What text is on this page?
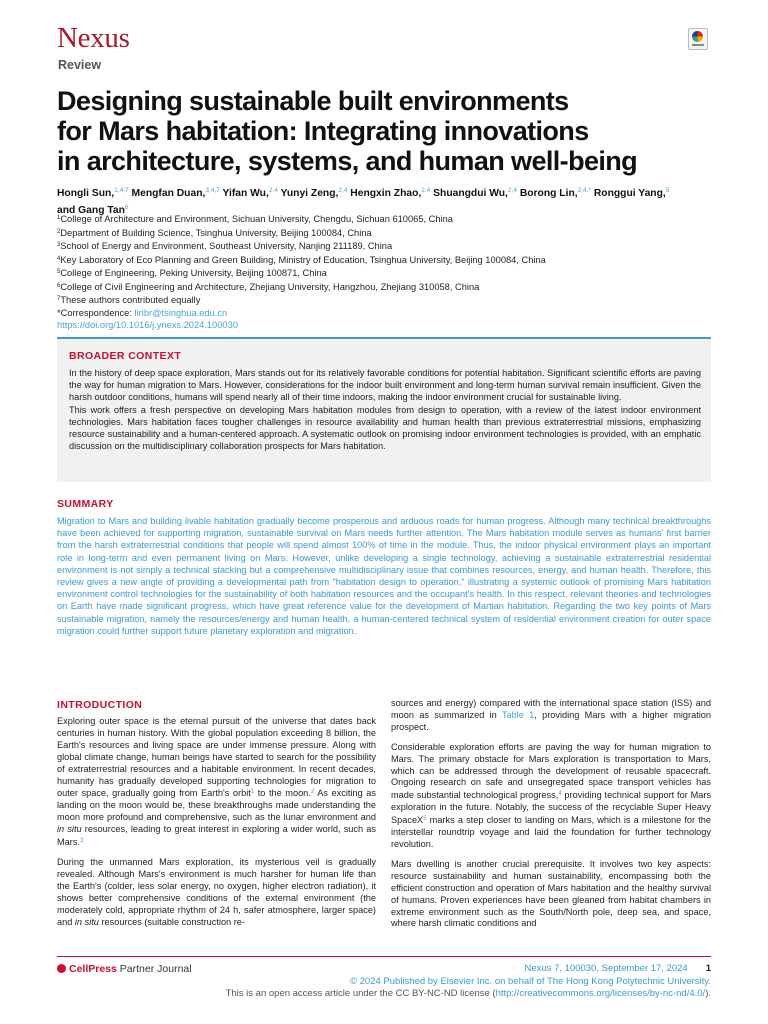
Nexus
Review
Designing sustainable built environments
for Mars habitation: Integrating innovations
in architecture, systems, and human well-being
Hongli Sun,$^{1,4,7}$ Mengfan Duan,$^{3,4,7}$ Yifan Wu,$^{2,4}$ Yunyi Zeng,$^{2,4}$ Hengxin Zhao,$^{2,4}$ Shuangdui Wu,$^{2,4}$ Borong Lin,$^{2,4,*}$ Ronggui Yang,$^5$ and Gang Tan$^6$
$^1$College of Architecture and Environment, Sichuan University, Chengdu, Sichuan 610065, China
$^2$Department of Building Science, Tsinghua University, Beijing 100084, China
$^3$School of Energy and Environment, Southeast University, Nanjing 211189, China
$^4$Key Laboratory of Eco Planning and Green Building, Ministry of Education, Tsinghua University, Beijing 100084, China
$^5$College of Engineering, Peking University, Beijing 100871, China
$^6$College of Civil Engineering and Architecture, Zhejiang University, Hangzhou, Zhejiang 310058, China
$^7$These authors contributed equally
*Correspondence: linbr@tsinghua.edu.cn
https://doi.org/10.1016/j.ynexs.2024.100030
BROADER CONTEXT

In the history of deep space exploration, Mars stands out for its relatively favorable conditions for potential habitation. Significant scientific efforts are paving the way for human migration to Mars. However, considerations for the indoor built environment and long-term human survival remain insufficient. Given the harsh outdoor conditions, humans will spend nearly all of their time indoors, making the indoor environment crucial for sustainable living.

This work offers a fresh perspective on developing Mars habitation modules from design to operation, with a review of the latest indoor environment technologies. Mars habitation faces tougher challenges in resource availability and human health than previous extraterrestrial missions, emphasizing resource sustainability and a human-centered approach. A systematic outlook on promising indoor environment technologies is provided, with an emphatic discussion on the multidisciplinary collaboration prospects for Mars habitation.

SUMMARY
Migration to Mars and building livable habitation gradually become prosperous and arduous roads for human progress. Although many technical breakthroughs have been achieved for supporting migration, sustainable survival on Mars needs further attention. The Mars habitation module serves as humans' first barrier from the harsh extraterrestrial conditions that people will spend almost 100% of time in the module. Thus, the indoor physical environment plays an important role in long-term and even permanent living on Mars. However, unlike developing a single technology, achieving a sustainable extraterrestrial residential environment is not simply a technical stacking but a comprehensive multidisciplinary issue that combines resources, energy, and human health. Therefore, this review gives a new angle of providing a developmental path from "habitation design to operation," illustrating a systemic outlook of promising Mars habitation environment control technologies for the sustainability of both habitation resources and the occupant's health. In this respect, relevant theories and technologies on Earth have made significant progress, which have great reference value for the development of Martian habitation. Regarding the two key points of Mars sustainable migration, namely the resources/energy and human health, a human-centered technical system of residential environment creation for outer space migration could further support future planetary exploration and migration.
INTRODUCTION

Exploring outer space is the eternal pursuit of the universe that dates back centuries in human history. With the global population exceeding 8 billion, the Earth's resources and living space are under immense pressure. Along with global climate change, human beings have started to search for the possibility of extraterrestrial resources and a habitable environment. In recent decades, humanity has gradually developed supporting technologies for migration to outer space, gradually going from Earth's orbit$^1$ to the moon.$^2$ As exciting as landing on the moon would be, these breakthroughs made understanding the moon more profound and comprehensive, such as the lunar environment and in situ resources, leading to great interest in exploring a wider world, such as Mars.$^3$

During the unmanned Mars exploration, its mysterious veil is gradually revealed. Although Mars's environment is much harsher for human life than the Earth's (colder, less solar energy, no oxygen, higher electron radiation), it shows better comprehensive conditions of the external environment (the moderately cold, appropriate rhythm of 24 h, safer atmosphere, larger space) and in situ resources (suitable construction re-

sources and energy) compared with the international space station (ISS) and moon as summarized in Table 1, providing Mars with a higher migration prospect.

Considerable exploration efforts are paving the way for human migration to Mars. The primary obstacle for Mars exploration is transportation to Mars, which can be addressed through the development of reusable spacecraft. Ongoing research on safe and unsegregated space transport vehicles has made substantial technological progress,$^4$ providing technical support for Mars exploration in the future. Notably, the success of the recyclable Super Heavy SpaceX$^5$ marks a step closer to landing on Mars, which is a milestone for the interstellar roundtrip voyage and laid the foundation for further technology revolution.

Mars dwelling is another crucial prerequisite. It involves two key aspects: resource sustainability and human sustainability, encompassing both the efficient construction and operation of Mars habitation and the healthy survival of humans. Proven experiences have been gleaned from habitat chambers in extreme environment such as the South/North pole, deep sea, and space, where harsh climatic conditions and

CellPress Partner Journal	Nexus 7, 100030, September 17, 2024 1
© 2024 Published by Elsevier Inc. on behalf of The Hong Kong Polytechnic University.
This is an open access article under the CC BY-NC-ND license (http://creativecommons.org/licenses/by-nc-nd/4.0/).
